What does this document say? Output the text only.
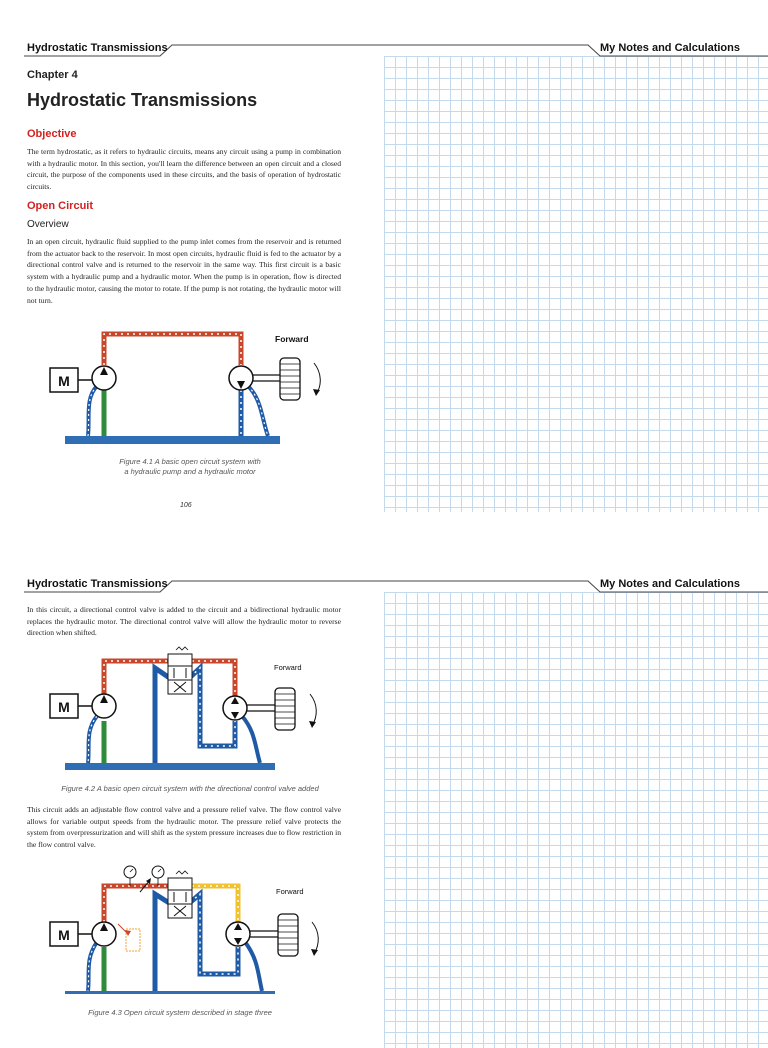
Hydrostatic Transmissions	My Notes and Calculations
Chapter 4
Hydrostatic Transmissions
Objective
The term hydrostatic, as it refers to hydraulic circuits, means any circuit using a pump in combination with a hydraulic motor. In this section, you'll learn the difference between an open circuit and a closed circuit, the purpose of the components used in these circuits, and the basis of operation of hydrostatic circuits.
Open Circuit
Overview
In an open circuit, hydraulic fluid supplied to the pump inlet comes from the reservoir and is returned from the actuator back to the reservoir. In most open circuits, hydraulic fluid is fed to the actuator by a directional control valve and is returned to the reservoir in the same way. This first circuit is a basic system with a hydraulic pump and a hydraulic motor. When the pump is in operation, flow is directed to the hydraulic motor, causing the motor to rotate. If the pump is not rotating, the hydraulic motor will not turn.
M
Forward
Figure 4.1 A basic open circuit system with
a hydraulic pump and a hydraulic motor
106
Hydrostatic Transmissions	My Notes and Calculations
In this circuit, a directional control valve is added to the circuit and a bidirectional hydraulic motor replaces the hydraulic motor. The directional control valve will allow the hydraulic motor to reverse direction when shifted.
M
Forward
Figure 4.2 A basic open circuit system with the directional control valve added
This circuit adds an adjustable flow control valve and a pressure relief valve. The flow control valve allows for variable output speeds from the hydraulic motor. The pressure relief valve protects the system from overpressurization and will shift as the system pressure increases due to flow restriction in the flow control valve.
M
Forward
Figure 4.3 Open circuit system described in stage three
